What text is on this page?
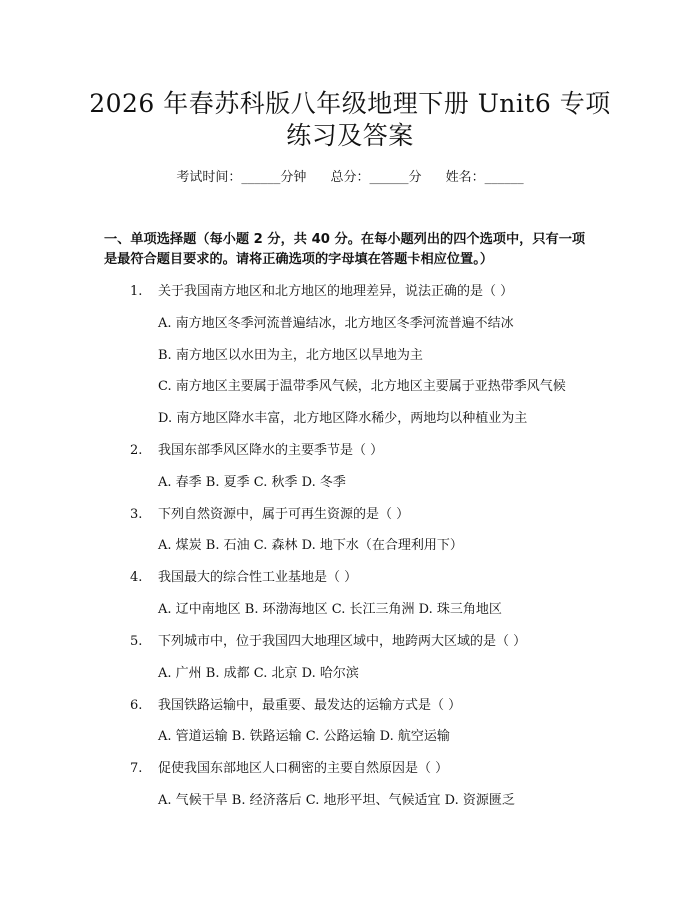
2026 年春苏科版八年级地理下册 Unit6 专项
练习及答案
考试时间：______分钟 总分：______分 姓名：______
一、单项选择题（每小题 2 分，共 40 分。在每小题列出的四个选项中，只有一项
是最符合题目要求的。请将正确选项的字母填在答题卡相应位置。）
1. 关于我国南方地区和北方地区的地理差异，说法正确的是（ ）
A. 南方地区冬季河流普遍结冰，北方地区冬季河流普遍不结冰
B. 南方地区以水田为主，北方地区以旱地为主
C. 南方地区主要属于温带季风气候，北方地区主要属于亚热带季风气候
D. 南方地区降水丰富，北方地区降水稀少，两地均以种植业为主
2. 我国东部季风区降水的主要季节是（ ）
A. 春季 B. 夏季 C. 秋季 D. 冬季
3. 下列自然资源中，属于可再生资源的是（ ）
A. 煤炭 B. 石油 C. 森林 D. 地下水（在合理利用下）
4. 我国最大的综合性工业基地是（ ）
A. 辽中南地区 B. 环渤海地区 C. 长江三角洲 D. 珠三角地区
5. 下列城市中，位于我国四大地理区域中，地跨两大区域的是（ ）
A. 广州 B. 成都 C. 北京 D. 哈尔滨
6. 我国铁路运输中，最重要、最发达的运输方式是（ ）
A. 管道运输 B. 铁路运输 C. 公路运输 D. 航空运输
7. 促使我国东部地区人口稠密的主要自然原因是（ ）
A. 气候干旱 B. 经济落后 C. 地形平坦、气候适宜 D. 资源匮乏
